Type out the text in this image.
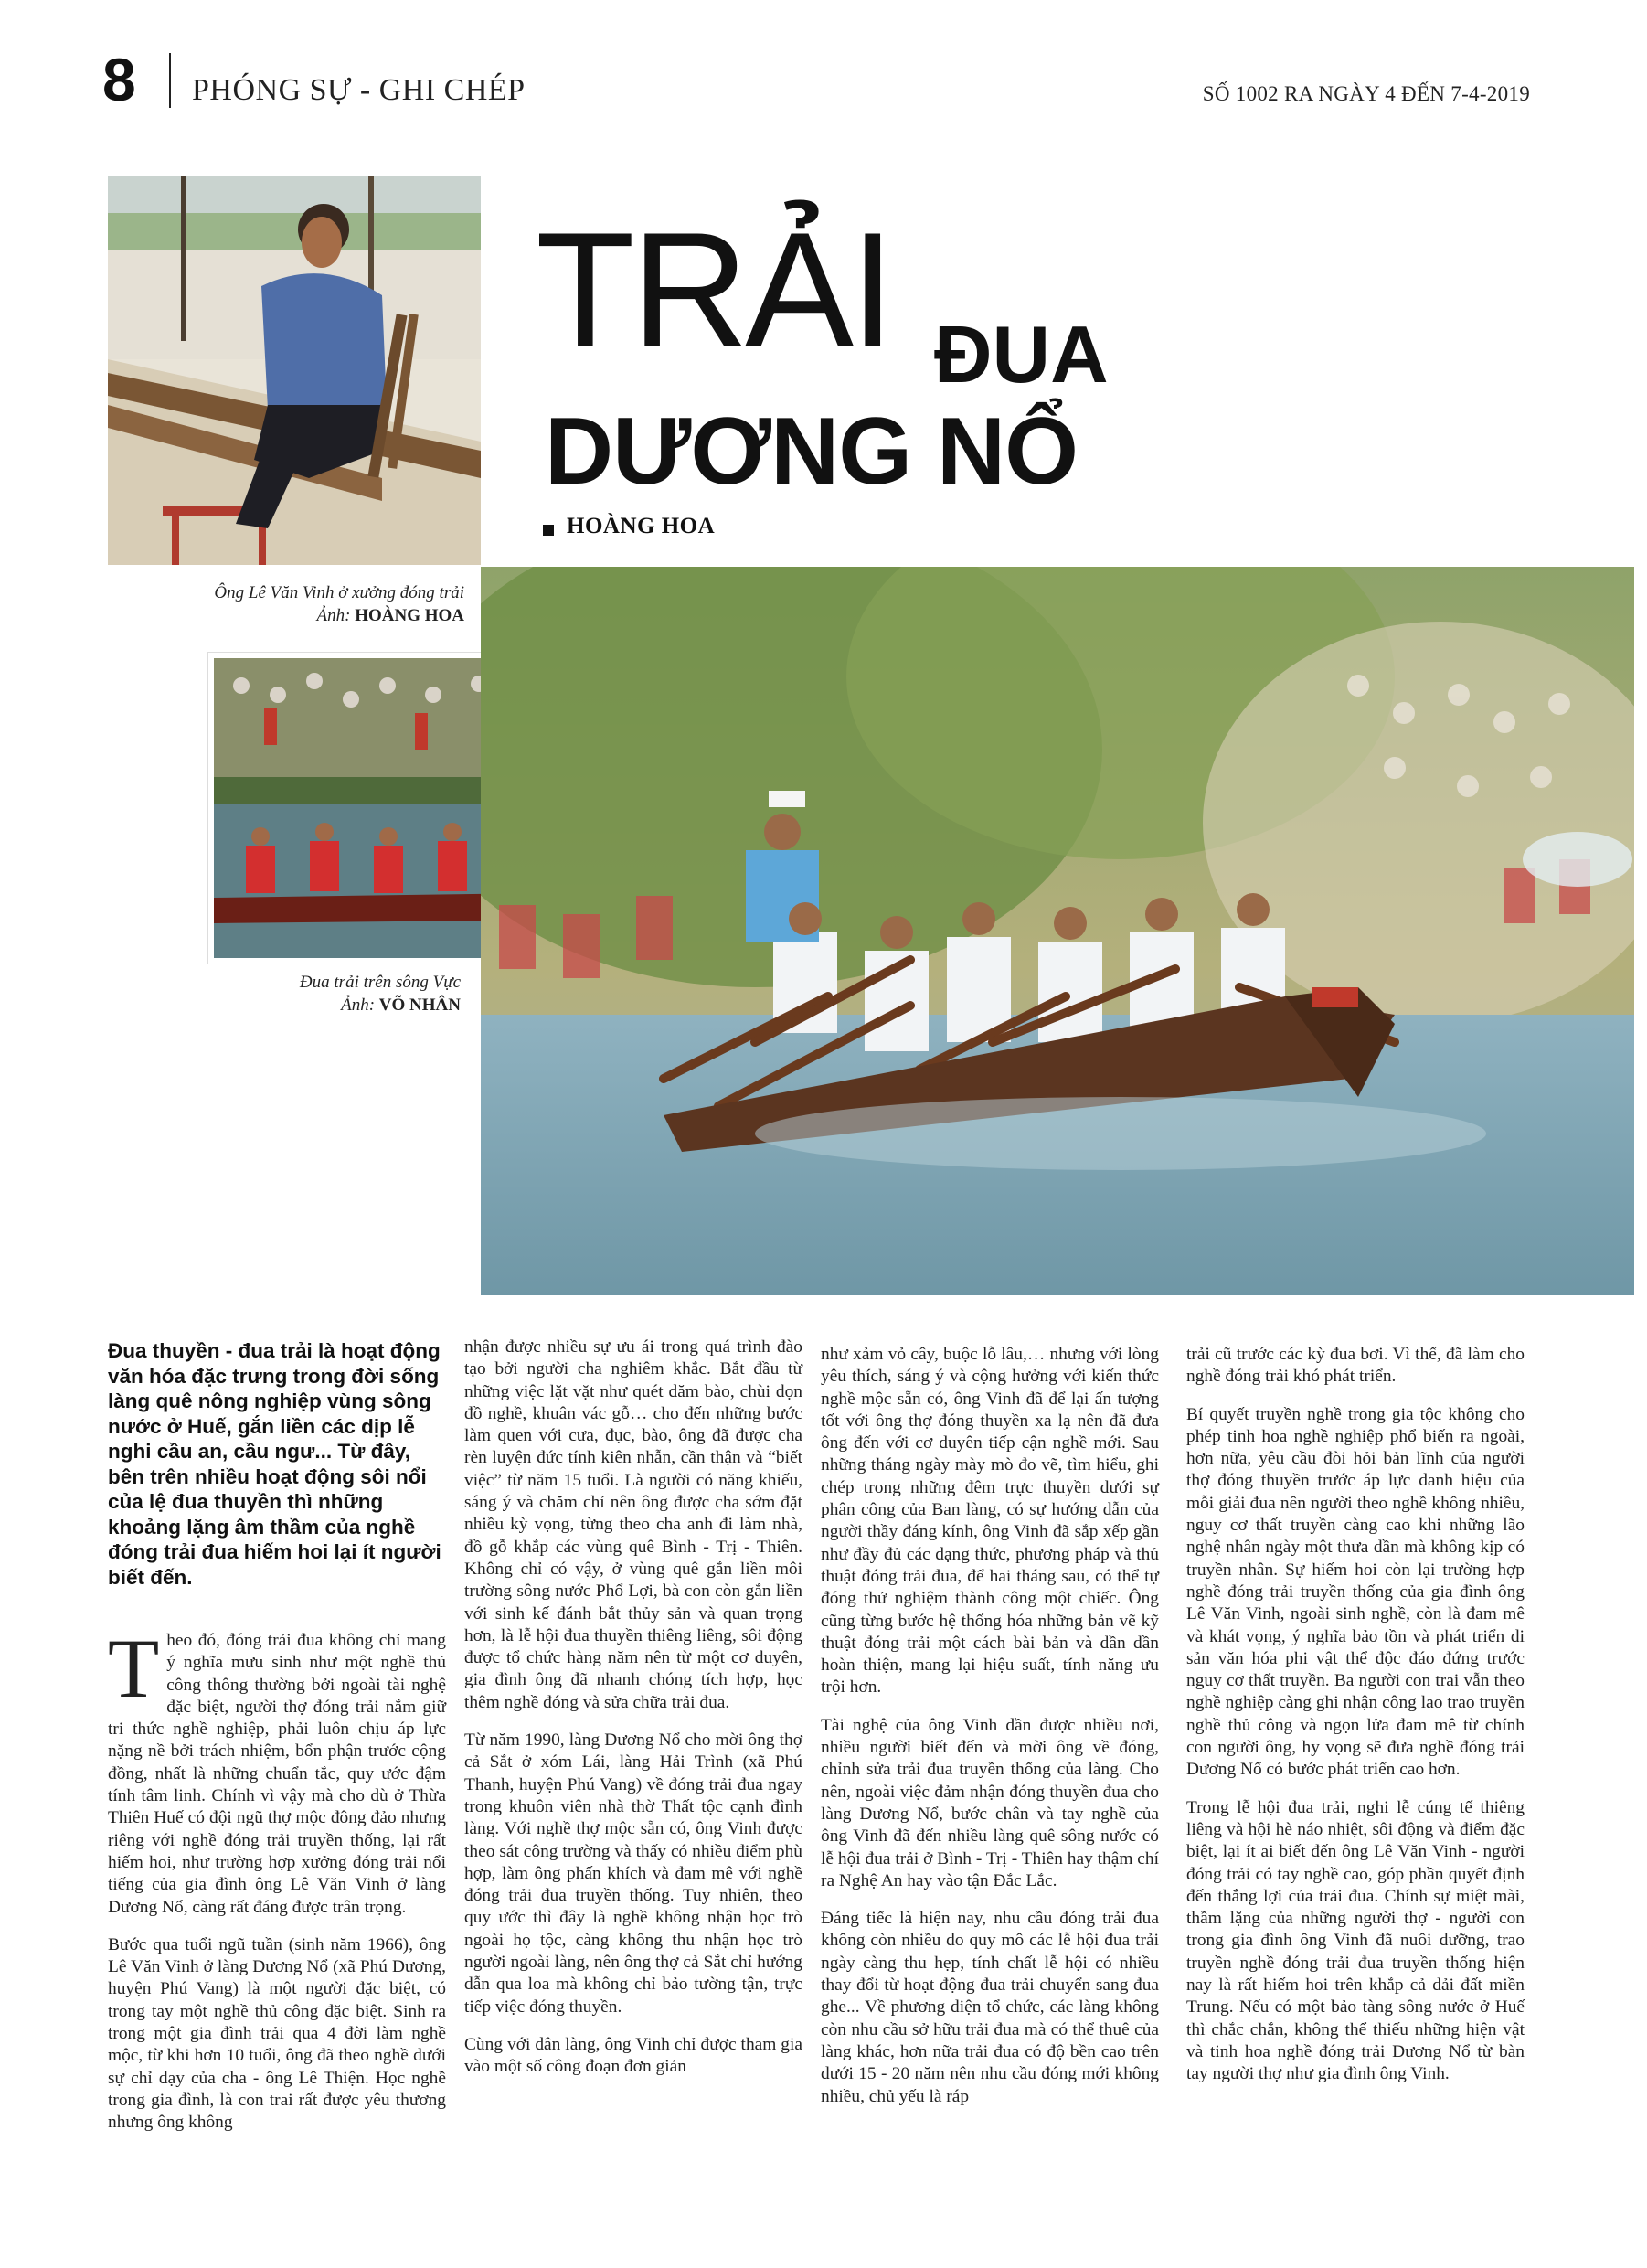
8 PHÓNG SỰ - GHI CHÉP	SỐ 1002 RA NGÀY 4 ĐẾN 7-4-2019
TRẢI ĐUA
DƯƠNG NỔ
HOÀNG HOA
Ông Lê Văn Vinh ở xưởng đóng trải
Ảnh: HOÀNG HOA
Đua trải trên sông Vực
Ảnh: VÕ NHÂN

Đua thuyền - đua trải là hoạt động văn hóa đặc trưng trong đời sống làng quê nông nghiệp vùng sông nước ở Huế, gắn liền các dịp lễ nghi cầu an, cầu ngư... Từ đây, bên trên nhiều hoạt động sôi nổi của lệ đua thuyền thì những khoảng lặng âm thầm của nghề đóng trải đua hiếm hoi lại ít người biết đến.

Theo đó, đóng trải đua không chỉ mang ý nghĩa mưu sinh như một nghề thủ công thông thường bởi ngoài tài nghệ đặc biệt, người thợ đóng trải nắm giữ tri thức nghề nghiệp, phải luôn chịu áp lực nặng nề bởi trách nhiệm, bổn phận trước cộng đồng, nhất là những chuẩn tắc, quy ước đậm tính tâm linh. Chính vì vậy mà cho dù ở Thừa Thiên Huế có đội ngũ thợ mộc đông đảo nhưng riêng với nghề đóng trải truyền thống, lại rất hiếm hoi, như trường hợp xưởng đóng trải nổi tiếng của gia đình ông Lê Văn Vinh ở làng Dương Nổ, càng rất đáng được trân trọng.

Bước qua tuổi ngũ tuần (sinh năm 1966), ông Lê Văn Vinh ở làng Dương Nổ (xã Phú Dương, huyện Phú Vang) là một người đặc biệt, có trong tay một nghề thủ công đặc biệt. Sinh ra trong một gia đình trải qua 4 đời làm nghề mộc, từ khi hơn 10 tuổi, ông đã theo nghề dưới sự chỉ dạy của cha - ông Lê Thiện. Học nghề trong gia đình, là con trai rất được yêu thương nhưng ông không

nhận được nhiều sự ưu ái trong quá trình đào tạo bởi người cha nghiêm khắc. Bắt đầu từ những việc lặt vặt như quét dăm bào, chùi dọn đồ nghề, khuân vác gỗ… cho đến những bước làm quen với cưa, đục, bào, ông đã được cha rèn luyện đức tính kiên nhẫn, cần thận và “biết việc” từ năm 15 tuổi. Là người có năng khiếu, sáng ý và chăm chỉ nên ông được cha sớm đặt nhiều kỳ vọng, từng theo cha anh đi làm nhà, đồ gỗ khắp các vùng quê Bình - Trị - Thiên. Không chỉ có vậy, ở vùng quê gắn liền môi trường sông nước Phổ Lợi, bà con còn gắn liền với sinh kế đánh bắt thủy sản và quan trọng hơn, là lễ hội đua thuyền thiêng liêng, sôi động được tổ chức hàng năm nên từ một cơ duyên, gia đình ông đã nhanh chóng tích hợp, học thêm nghề đóng và sửa chữa trải đua.

Từ năm 1990, làng Dương Nổ cho mời ông thợ cả Sắt ở xóm Lái, làng Hải Trình (xã Phú Thanh, huyện Phú Vang) về đóng trải đua ngay trong khuôn viên nhà thờ Thất tộc cạnh đình làng. Với nghề thợ mộc sẵn có, ông Vinh được theo sát công trường và thấy có nhiều điểm phù hợp, làm ông phấn khích và đam mê với nghề đóng trải đua truyền thống. Tuy nhiên, theo quy ước thì đây là nghề không nhận học trò ngoài họ tộc, càng không thu nhận học trò người ngoài làng, nên ông thợ cả Sắt chỉ hướng dẫn qua loa mà không chỉ bảo tường tận, trực tiếp việc đóng thuyền.

Cùng với dân làng, ông Vinh chỉ được tham gia vào một số công đoạn đơn giản

như xảm vỏ cây, buộc lỗ lâu,… nhưng với lòng yêu thích, sáng ý và cộng hưởng với kiến thức nghề mộc sẵn có, ông Vinh đã để lại ấn tượng tốt với ông thợ đóng thuyền xa lạ nên đã đưa ông đến với cơ duyên tiếp cận nghề mới. Sau những tháng ngày mày mò đo vẽ, tìm hiểu, ghi chép trong những đêm trực thuyền dưới sự phân công của Ban làng, có sự hướng dẫn của người thầy đáng kính, ông Vinh đã sắp xếp gần như đầy đủ các dạng thức, phương pháp và thủ thuật đóng trải đua, để hai tháng sau, có thể tự đóng thử nghiệm thành công một chiếc. Ông cũng từng bước hệ thống hóa những bản vẽ kỹ thuật đóng trải một cách bài bản và dần dần hoàn thiện, mang lại hiệu suất, tính năng ưu trội hơn.

Tài nghệ của ông Vinh dần được nhiều nơi, nhiều người biết đến và mời ông về đóng, chỉnh sửa trải đua truyền thống của làng. Cho nên, ngoài việc đảm nhận đóng thuyền đua cho làng Dương Nổ, bước chân và tay nghề của ông Vinh đã đến nhiều làng quê sông nước có lễ hội đua trải ở Bình - Trị - Thiên hay thậm chí ra Nghệ An hay vào tận Đắc Lắc.

Đáng tiếc là hiện nay, nhu cầu đóng trải đua không còn nhiều do quy mô các lễ hội đua trải ngày càng thu hẹp, tính chất lễ hội có nhiều thay đổi từ hoạt động đua trải chuyển sang đua ghe... Về phương diện tổ chức, các làng không còn nhu cầu sở hữu trải đua mà có thể thuê của làng khác, hơn nữa trải đua có độ bền cao trên dưới 15 - 20 năm nên nhu cầu đóng mới không nhiều, chủ yếu là ráp

trải cũ trước các kỳ đua bơi. Vì thế, đã làm cho nghề đóng trải khó phát triển.

Bí quyết truyền nghề trong gia tộc không cho phép tinh hoa nghề nghiệp phổ biến ra ngoài, hơn nữa, yêu cầu đòi hỏi bản lĩnh của người thợ đóng thuyền trước áp lực danh hiệu của mỗi giải đua nên người theo nghề không nhiều, nguy cơ thất truyền càng cao khi những lão nghệ nhân ngày một thưa dần mà không kịp có truyền nhân. Sự hiếm hoi còn lại trường hợp nghề đóng trải truyền thống của gia đình ông Lê Văn Vinh, ngoài sinh nghề, còn là đam mê và khát vọng, ý nghĩa bảo tồn và phát triển di sản văn hóa phi vật thể độc đáo đứng trước nguy cơ thất truyền. Ba người con trai vẫn theo nghề nghiệp càng ghi nhận công lao trao truyền nghề thủ công và ngọn lửa đam mê từ chính con người ông, hy vọng sẽ đưa nghề đóng trải Dương Nổ có bước phát triển cao hơn.

Trong lễ hội đua trải, nghi lễ cúng tế thiêng liêng và hội hè náo nhiệt, sôi động và điểm đặc biệt, lại ít ai biết đến ông Lê Văn Vinh - người đóng trải có tay nghề cao, góp phần quyết định đến thắng lợi của trải đua. Chính sự miệt mài, thầm lặng của những người thợ - người con trong gia đình ông Vinh đã nuôi dưỡng, trao truyền nghề đóng trải đua truyền thống hiện nay là rất hiếm hoi trên khắp cả dải đất miền Trung. Nếu có một bảo tàng sông nước ở Huế thì chắc chắn, không thể thiếu những hiện vật và tinh hoa nghề đóng trải Dương Nổ từ bàn tay người thợ như gia đình ông Vinh.
